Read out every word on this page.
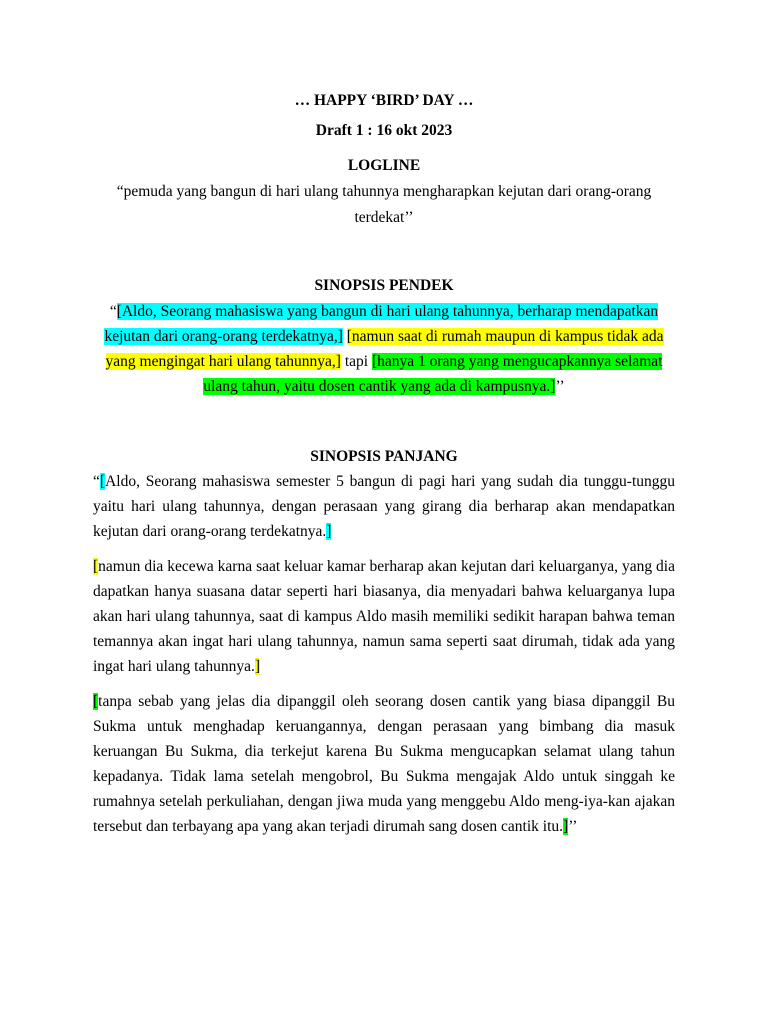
… HAPPY ‘BIRD’ DAY …
Draft 1 : 16 okt 2023
LOGLINE
“pemuda yang bangun di hari ulang tahunnya mengharapkan kejutan dari orang-orang
terdekat’’
SINOPSIS PENDEK
“[Aldo, Seorang mahasiswa yang bangun di hari ulang tahunnya, berharap mendapatkan
kejutan dari orang-orang terdekatnya,] [namun saat di rumah maupun di kampus tidak ada
yang mengingat hari ulang tahunnya,] tapi [hanya 1 orang yang mengucapkannya selamat
ulang tahun, yaitu dosen cantik yang ada di kampusnya.]’’
SINOPSIS PANJANG
“[Aldo, Seorang mahasiswa semester 5 bangun di pagi hari yang sudah dia tunggu-tunggu
yaitu hari ulang tahunnya, dengan perasaan yang girang dia berharap akan mendapatkan
kejutan dari orang-orang terdekatnya.]
[namun dia kecewa karna saat keluar kamar berharap akan kejutan dari keluarganya, yang dia
dapatkan hanya suasana datar seperti hari biasanya, dia menyadari bahwa keluarganya lupa
akan hari ulang tahunnya, saat di kampus Aldo masih memiliki sedikit harapan bahwa teman
temannya akan ingat hari ulang tahunnya, namun sama seperti saat dirumah, tidak ada yang
ingat hari ulang tahunnya.]
[tanpa sebab yang jelas dia dipanggil oleh seorang dosen cantik yang biasa dipanggil Bu
Sukma untuk menghadap keruangannya, dengan perasaan yang bimbang dia masuk
keruangan Bu Sukma, dia terkejut karena Bu Sukma mengucapkan selamat ulang tahun
kepadanya. Tidak lama setelah mengobrol, Bu Sukma mengajak Aldo untuk singgah ke
rumahnya setelah perkuliahan, dengan jiwa muda yang menggebu Aldo meng-iya-kan ajakan
tersebut dan terbayang apa yang akan terjadi dirumah sang dosen cantik itu.]’’
